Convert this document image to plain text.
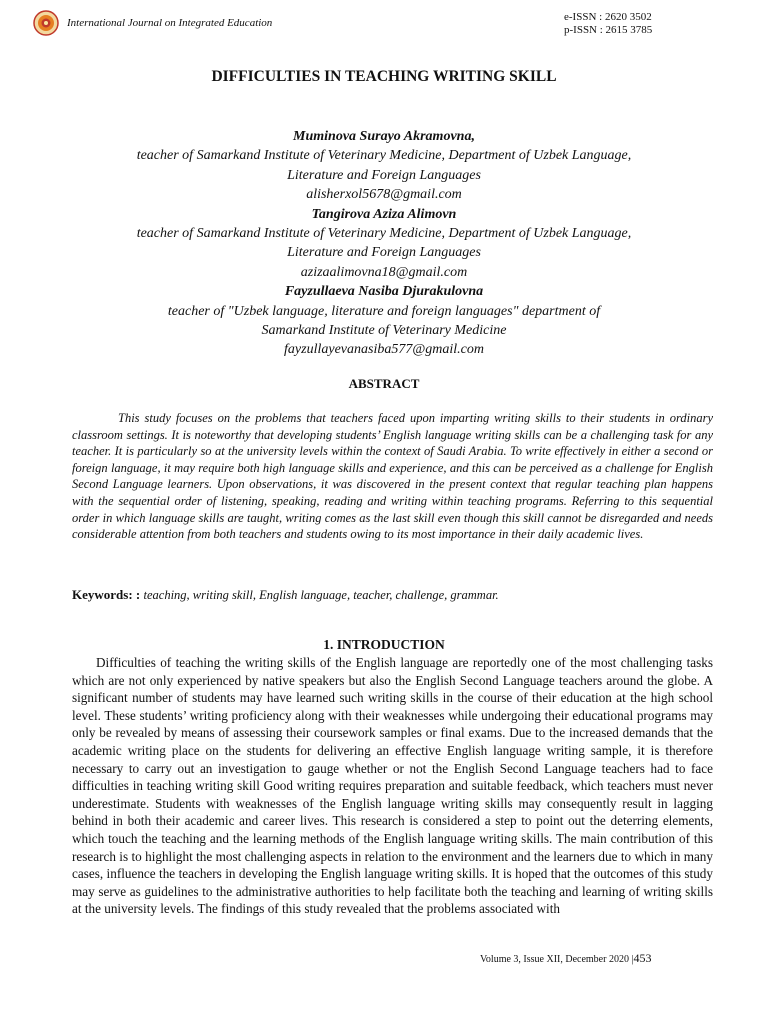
International Journal on Integrated Education	e-ISSN : 2620 3502
p-ISSN : 2615 3785
DIFFICULTIES IN TEACHING WRITING SKILL
Muminova Surayo Akramovna,
teacher of Samarkand Institute of Veterinary Medicine, Department of Uzbek Language,
Literature and Foreign Languages
alisherxol5678@gmail.com
Tangirova Aziza Alimovn
teacher of Samarkand Institute of Veterinary Medicine, Department of Uzbek Language,
Literature and Foreign Languages
azizaalimovna18@gmail.com
Fayzullaeva Nasiba Djurakulovna
teacher of "Uzbek language, literature and foreign languages" department of
Samarkand Institute of Veterinary Medicine
fayzullayevanasiba577@gmail.com
ABSTRACT

This study focuses on the problems that teachers faced upon imparting writing skills to their students in ordinary classroom settings. It is noteworthy that developing students’ English language writing skills can be a challenging task for any teacher. It is particularly so at the university levels within the context of Saudi Arabia. To write effectively in either a second or foreign language, it may require both high language skills and experience, and this can be perceived as a challenge for English Second Language learners. Upon observations, it was discovered in the present context that regular teaching plan happens with the sequential order of listening, speaking, reading and writing within teaching programs. Referring to this sequential order in which language skills are taught, writing comes as the last skill even though this skill cannot be disregarded and needs considerable attention from both teachers and students owing to its most importance in their daily academic lives.

Keywords: : teaching, writing skill, English language, teacher, challenge, grammar.
1. INTRODUCTION

Difficulties of teaching the writing skills of the English language are reportedly one of the most challenging tasks which are not only experienced by native speakers but also the English Second Language teachers around the globe. A significant number of students may have learned such writing skills in the course of their education at the high school level. These students’ writing proficiency along with their weaknesses while undergoing their educational programs may only be revealed by means of assessing their coursework samples or final exams. Due to the increased demands that the academic writing place on the students for delivering an effective English language writing sample, it is therefore necessary to carry out an investigation to gauge whether or not the English Second Language teachers had to face difficulties in teaching writing skill Good writing requires preparation and suitable feedback, which teachers must never underestimate. Students with weaknesses of the English language writing skills may consequently result in lagging behind in both their academic and career lives. This research is considered a step to point out the deterring elements, which touch the teaching and the learning methods of the English language writing skills. The main contribution of this research is to highlight the most challenging aspects in relation to the environment and the learners due to which in many cases, influence the teachers in developing the English language writing skills. It is hoped that the outcomes of this study may serve as guidelines to the administrative authorities to help facilitate both the teaching and learning of writing skills at the university levels. The findings of this study revealed that the problems associated with

Volume 3, Issue XII, December 2020 |453
